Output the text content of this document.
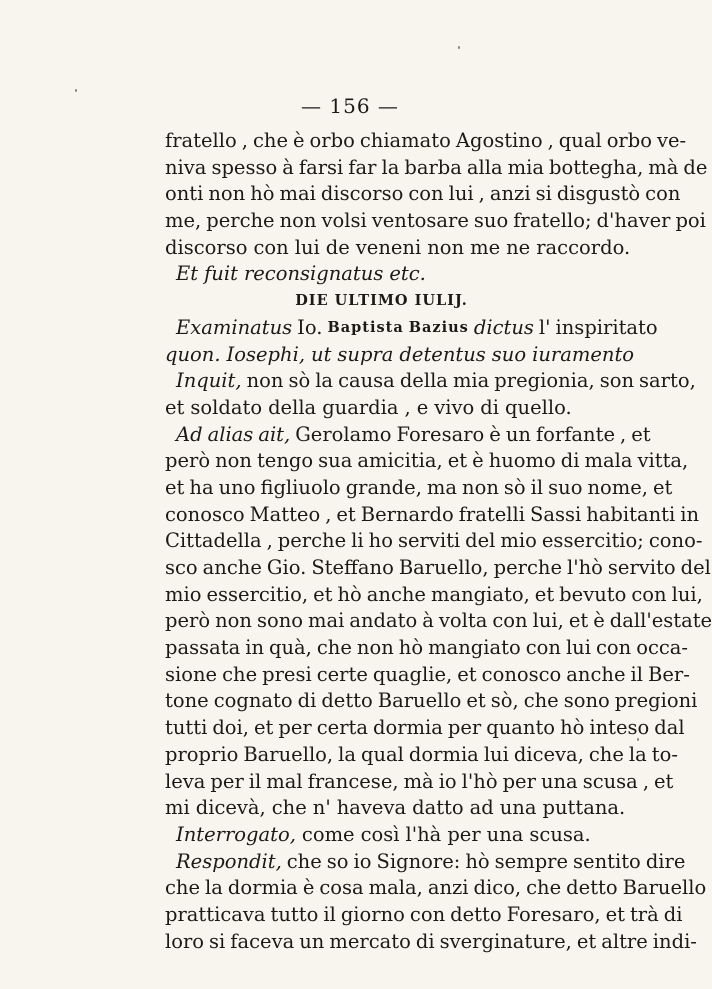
— 156 —
fratello , che è orbo chiamato Agostino , qual orbo ve-
niva spesso à farsi far la barba alla mia bottegha, mà de
onti non hò mai discorso con lui , anzi si disgustò con
me, perche non volsi ventosare suo fratello; d'haver poi
discorso con lui de veneni non me ne raccordo.
Et fuit reconsignatus etc.
DIE ULTIMO IULIJ.
Examinatus Io. Baptista Bazius dictus l' inspiritato
quon. Iosephi, ut supra detentus suo iuramento
Inquit, non sò la causa della mia pregionia, son sarto,
et soldato della guardia , e vivo di quello.
Ad alias ait, Gerolamo Foresaro è un forfante , et
però non tengo sua amicitia, et è huomo di mala vitta,
et ha uno figliuolo grande, ma non sò il suo nome, et
conosco Matteo , et Bernardo fratelli Sassi habitanti in
Cittadella , perche li ho serviti del mio essercitio; cono-
sco anche Gio. Steffano Baruello, perche l'hò servito del
mio essercitio, et hò anche mangiato, et bevuto con lui,
però non sono mai andato à volta con lui, et è dall'estate
passata in quà, che non hò mangiato con lui con occa-
sione che presi certe quaglie, et conosco anche il Ber-
tone cognato di detto Baruello et sò, che sono pregioni
tutti doi, et per certa dormia per quanto hò inteso dal
proprio Baruello, la qual dormia lui diceva, che la to-
leva per il mal francese, mà io l'hò per una scusa , et
mi dicevà, che n' haveva datto ad una puttana.
Interrogato, come così l'hà per una scusa.
Respondit, che so io Signore: hò sempre sentito dire
che la dormia è cosa mala, anzi dico, che detto Baruello
pratticava tutto il giorno con detto Foresaro, et trà di
loro si faceva un mercato di sverginature, et altre indi-
